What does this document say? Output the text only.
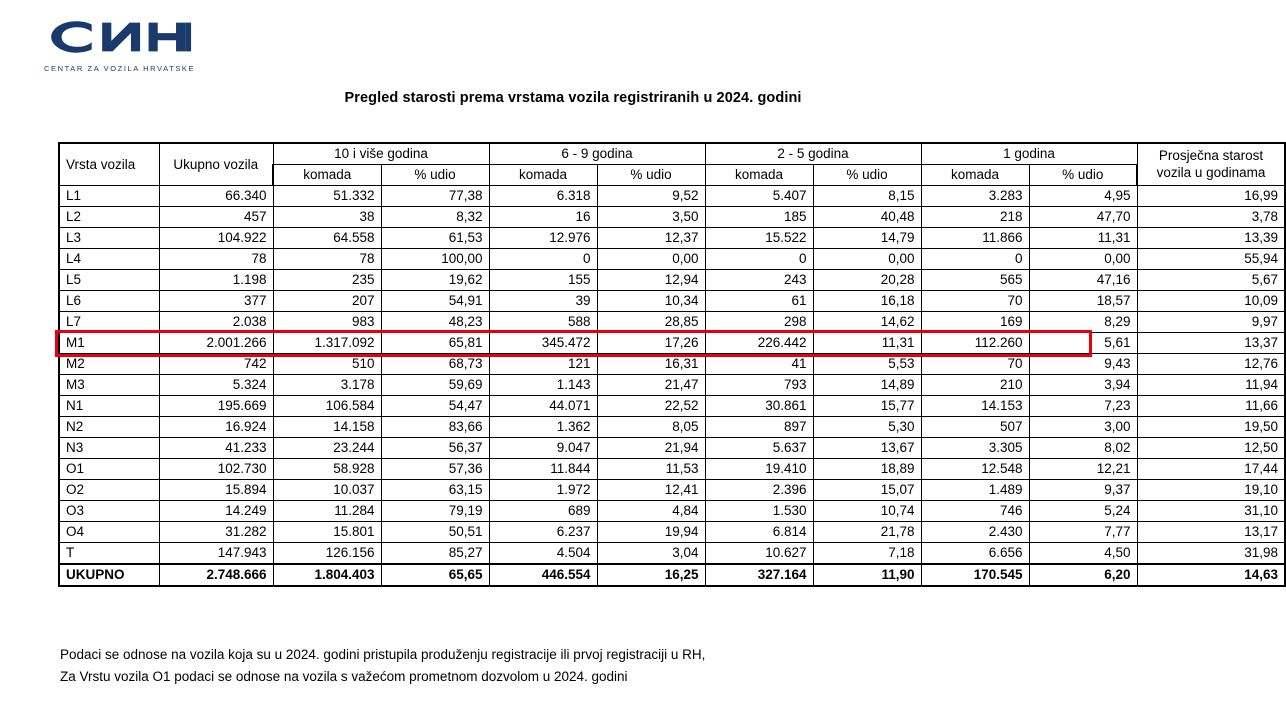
CENTAR ZA VOZILA HRVATSKE
Pregled starosti prema vrstama vozila registriranih u 2024. godini
Vrsta vozila	Ukupno vozila	10 i više godina		6 - 9 godina		2 - 5 godina		1 godina		Prosječna starost
vozila u godinama
		komada	% udio	komada	% udio	komada	% udio	komada	% udio	
L1	66.340	51.332	77,38	6.318	9,52	5.407	8,15	3.283	4,95	16,99
L2	457	38	8,32	16	3,50	185	40,48	218	47,70	3,78
L3	104.922	64.558	61,53	12.976	12,37	15.522	14,79	11.866	11,31	13,39
L4	78	78	100,00	0	0,00	0	0,00	0	0,00	55,94
L5	1.198	235	19,62	155	12,94	243	20,28	565	47,16	5,67
L6	377	207	54,91	39	10,34	61	16,18	70	18,57	10,09
L7	2.038	983	48,23	588	28,85	298	14,62	169	8,29	9,97
M1	2.001.266	1.317.092	65,81	345.472	17,26	226.442	11,31	112.260	5,61	13,37
M2	742	510	68,73	121	16,31	41	5,53	70	9,43	12,76
M3	5.324	3.178	59,69	1.143	21,47	793	14,89	210	3,94	11,94
N1	195.669	106.584	54,47	44.071	22,52	30.861	15,77	14.153	7,23	11,66
N2	16.924	14.158	83,66	1.362	8,05	897	5,30	507	3,00	19,50
N3	41.233	23.244	56,37	9.047	21,94	5.637	13,67	3.305	8,02	12,50
O1	102.730	58.928	57,36	11.844	11,53	19.410	18,89	12.548	12,21	17,44
O2	15.894	10.037	63,15	1.972	12,41	2.396	15,07	1.489	9,37	19,10
O3	14.249	11.284	79,19	689	4,84	1.530	10,74	746	5,24	31,10
O4	31.282	15.801	50,51	6.237	19,94	6.814	21,78	2.430	7,77	13,17
T	147.943	126.156	85,27	4.504	3,04	10.627	7,18	6.656	4,50	31,98
UKUPNO	2.748.666	1.804.403	65,65	446.554	16,25	327.164	11,90	170.545	6,20	14,63
Podaci se odnose na vozila koja su u 2024. godini pristupila produženju registracije ili prvoj registraciji u RH,
Za Vrstu vozila O1 podaci se odnose na vozila s važećom prometnom dozvolom u 2024. godini
